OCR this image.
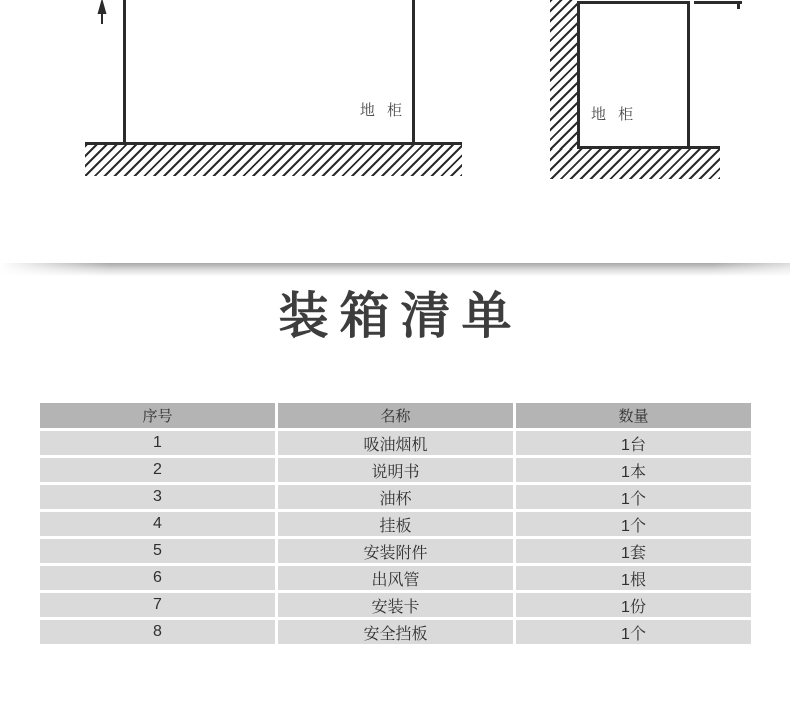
地 柜	地 柜
装箱清单
序号	名称	数量
1	吸油烟机	1台
2	说明书	1本
3	油杯	1个
4	挂板	1个
5	安装附件	1套
6	出风管	1根
7	安装卡	1份
8	安全挡板	1个
